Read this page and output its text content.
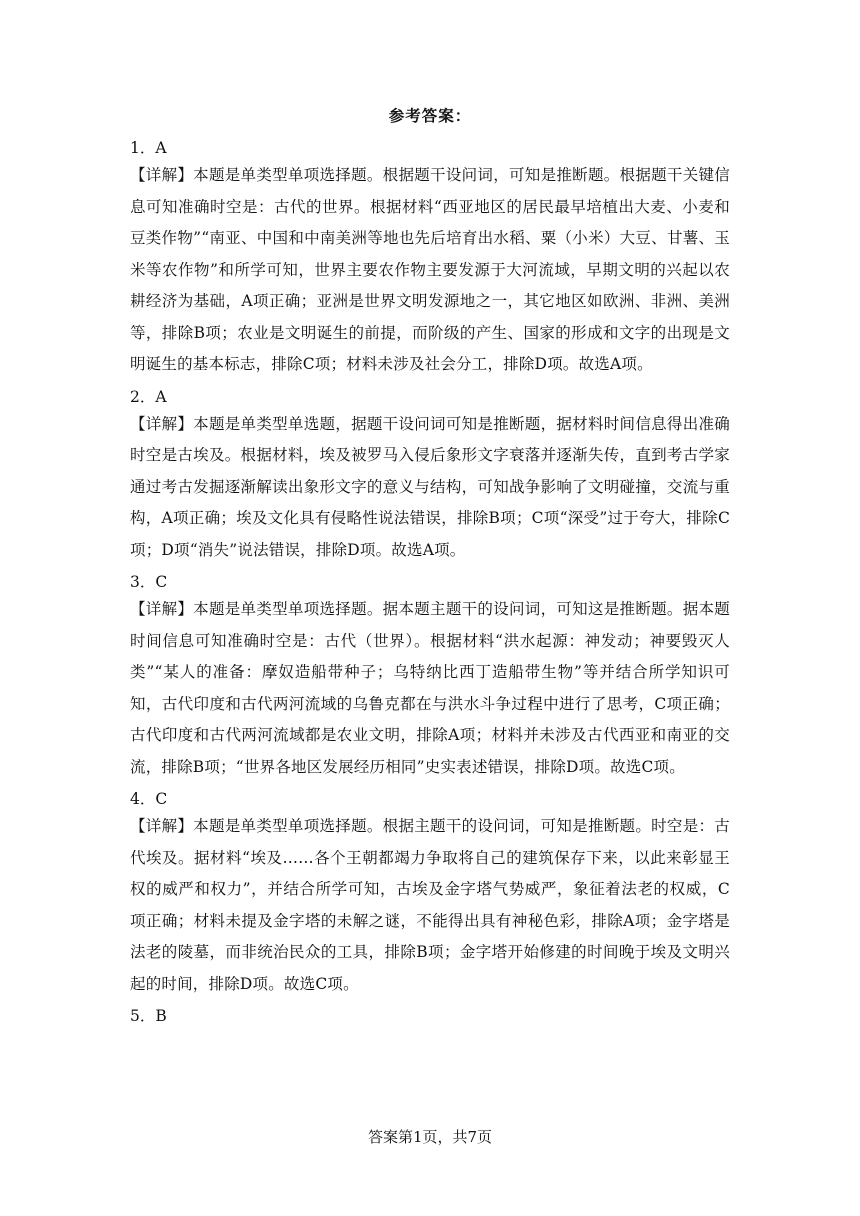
参考答案：
1．A
【详解】本题是单类型单项选择题。根据题干设问词，可知是推断题。根据题干关键信息可知准确时空是：古代的世界。根据材料“西亚地区的居民最早培植出大麦、小麦和豆类作物”“南亚、中国和中南美洲等地也先后培育出水稻、粟（小米）大豆、甘薯、玉米等农作物”和所学可知，世界主要农作物主要发源于大河流域，早期文明的兴起以农耕经济为基础，A项正确；亚洲是世界文明发源地之一，其它地区如欧洲、非洲、美洲等，排除B项；农业是文明诞生的前提，而阶级的产生、国家的形成和文字的出现是文明诞生的基本标志，排除C项；材料未涉及社会分工，排除D项。故选A项。
2．A
【详解】本题是单类型单选题，据题干设问词可知是推断题，据材料时间信息得出准确时空是古埃及。根据材料，埃及被罗马入侵后象形文字衰落并逐渐失传，直到考古学家通过考古发掘逐渐解读出象形文字的意义与结构，可知战争影响了文明碰撞，交流与重构，A项正确；埃及文化具有侵略性说法错误，排除B项；C项“深受”过于夸大，排除C项；D项“消失”说法错误，排除D项。故选A项。
3．C
【详解】本题是单类型单项选择题。据本题主题干的设问词，可知这是推断题。据本题时间信息可知准确时空是：古代（世界）。根据材料“洪水起源：神发动；神要毁灭人类”“某人的准备：摩奴造船带种子；乌特纳比西丁造船带生物”等并结合所学知识可知，古代印度和古代两河流域的乌鲁克都在与洪水斗争过程中进行了思考，C项正确；古代印度和古代两河流域都是农业文明，排除A项；材料并未涉及古代西亚和南亚的交流，排除B项；“世界各地区发展经历相同”史实表述错误，排除D项。故选C项。
4．C
【详解】本题是单类型单项选择题。根据主题干的设问词，可知是推断题。时空是：古代埃及。据材料“埃及……各个王朝都竭力争取将自己的建筑保存下来，以此来彰显王权的威严和权力”，并结合所学可知，古埃及金字塔气势威严，象征着法老的权威，C项正确；材料未提及金字塔的未解之谜，不能得出具有神秘色彩，排除A项；金字塔是法老的陵墓，而非统治民众的工具，排除B项；金字塔开始修建的时间晚于埃及文明兴起的时间，排除D项。故选C项。
5．B
答案第1页，共7页
